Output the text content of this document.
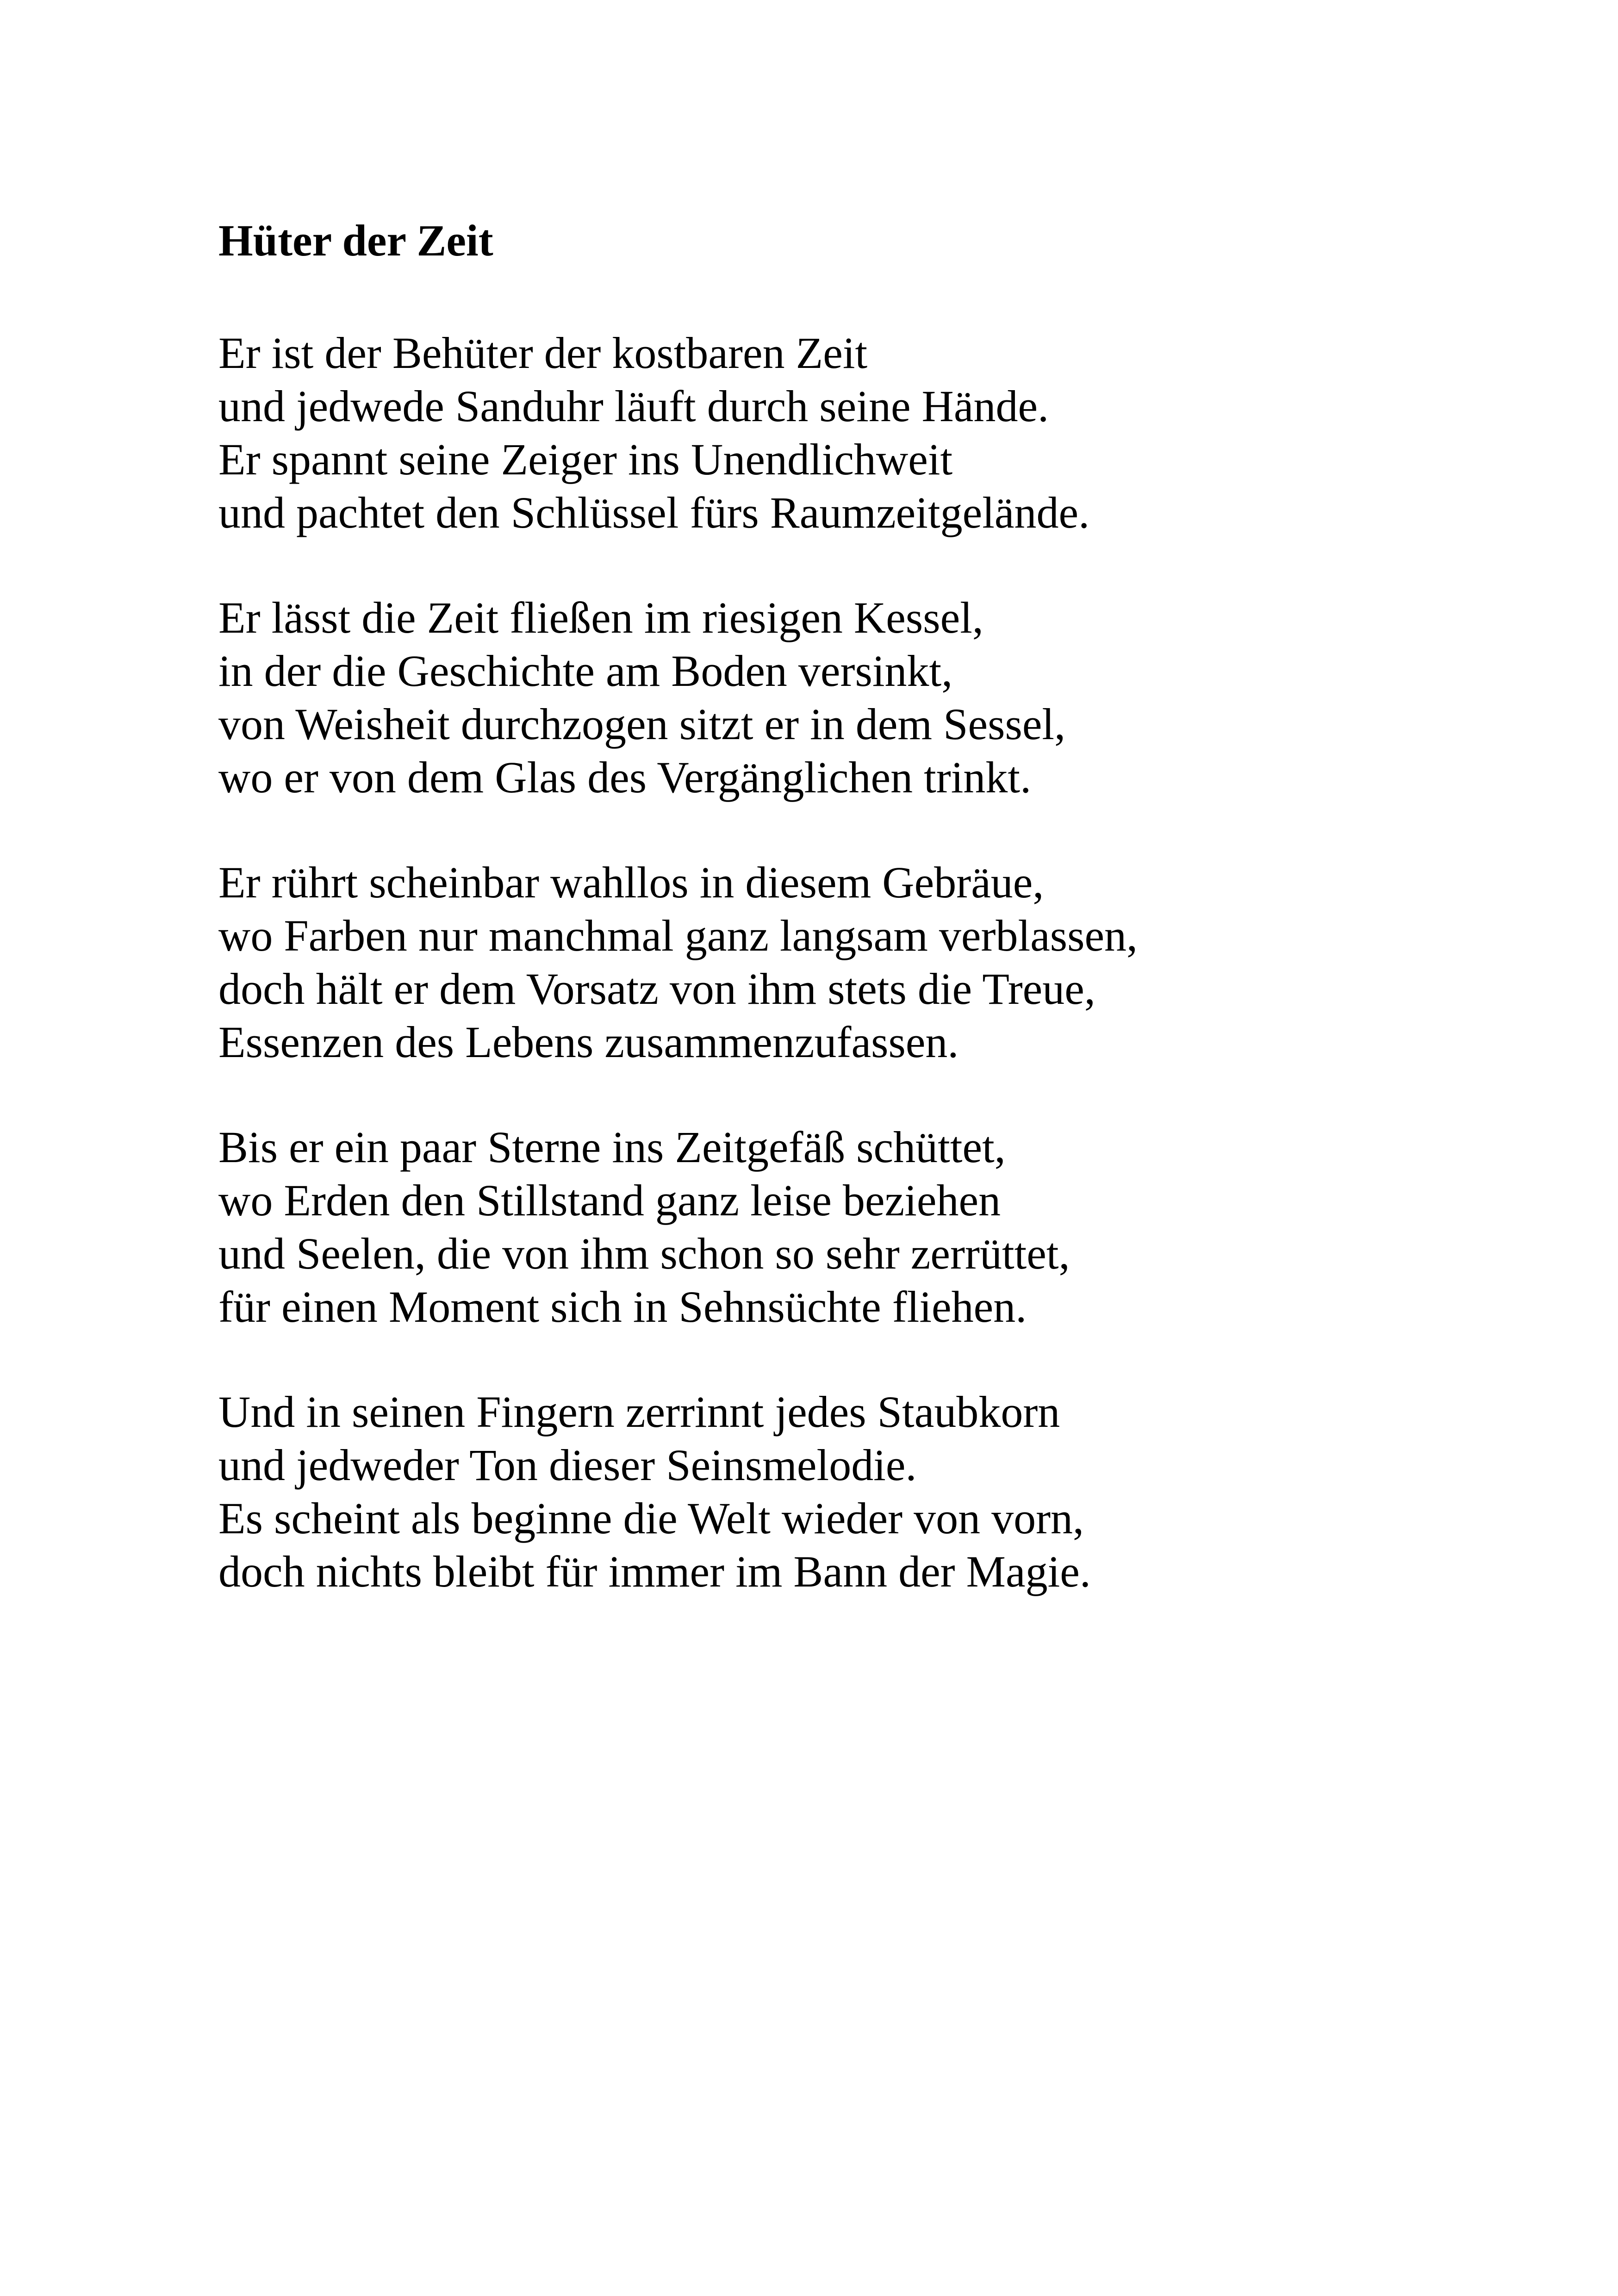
Hüter der Zeit

Er ist der Behüter der kostbaren Zeit
und jedwede Sanduhr läuft durch seine Hände.
Er spannt seine Zeiger ins Unendlichweit
und pachtet den Schlüssel fürs Raumzeitgelände.

Er lässt die Zeit fließen im riesigen Kessel,
in der die Geschichte am Boden versinkt,
von Weisheit durchzogen sitzt er in dem Sessel,
wo er von dem Glas des Vergänglichen trinkt.

Er rührt scheinbar wahllos in diesem Gebräue,
wo Farben nur manchmal ganz langsam verblassen,
doch hält er dem Vorsatz von ihm stets die Treue,
Essenzen des Lebens zusammenzufassen.

Bis er ein paar Sterne ins Zeitgefäß schüttet,
wo Erden den Stillstand ganz leise beziehen
und Seelen, die von ihm schon so sehr zerrüttet,
für einen Moment sich in Sehnsüchte fliehen.

Und in seinen Fingern zerrinnt jedes Staubkorn
und jedweder Ton dieser Seinsmelodie.
Es scheint als beginne die Welt wieder von vorn,
doch nichts bleibt für immer im Bann der Magie.
